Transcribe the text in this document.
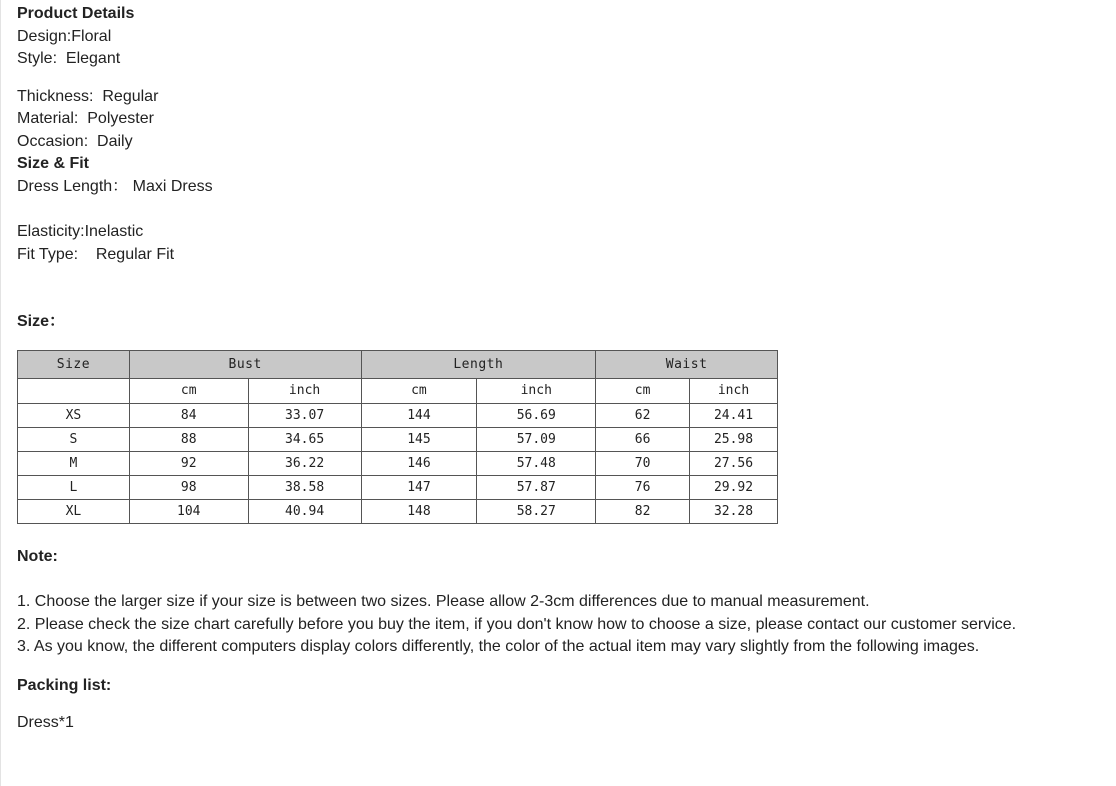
Product Details
Design:Floral
Style:  Elegant
Thickness:  Regular
Material:  Polyester
Occasion:  Daily
Size & Fit
Dress Length： Maxi Dress
Elasticity:Inelastic
Fit Type:    Regular Fit
Size：
Size	Bust		Length		Waist	
	cm	inch	cm	inch	cm	inch
XS	84	33.07	144	56.69	62	24.41
S	88	34.65	145	57.09	66	25.98
M	92	36.22	146	57.48	70	27.56
L	98	38.58	147	57.87	76	29.92
XL	104	40.94	148	58.27	82	32.28
Note:
1. Choose the larger size if your size is between two sizes. Please allow 2-3cm differences due to manual measurement.
2. Please check the size chart carefully before you buy the item, if you don't know how to choose a size, please contact our customer service.
3. As you know, the different computers display colors differently, the color of the actual item may vary slightly from the following images.
Packing list:
Dress*1
